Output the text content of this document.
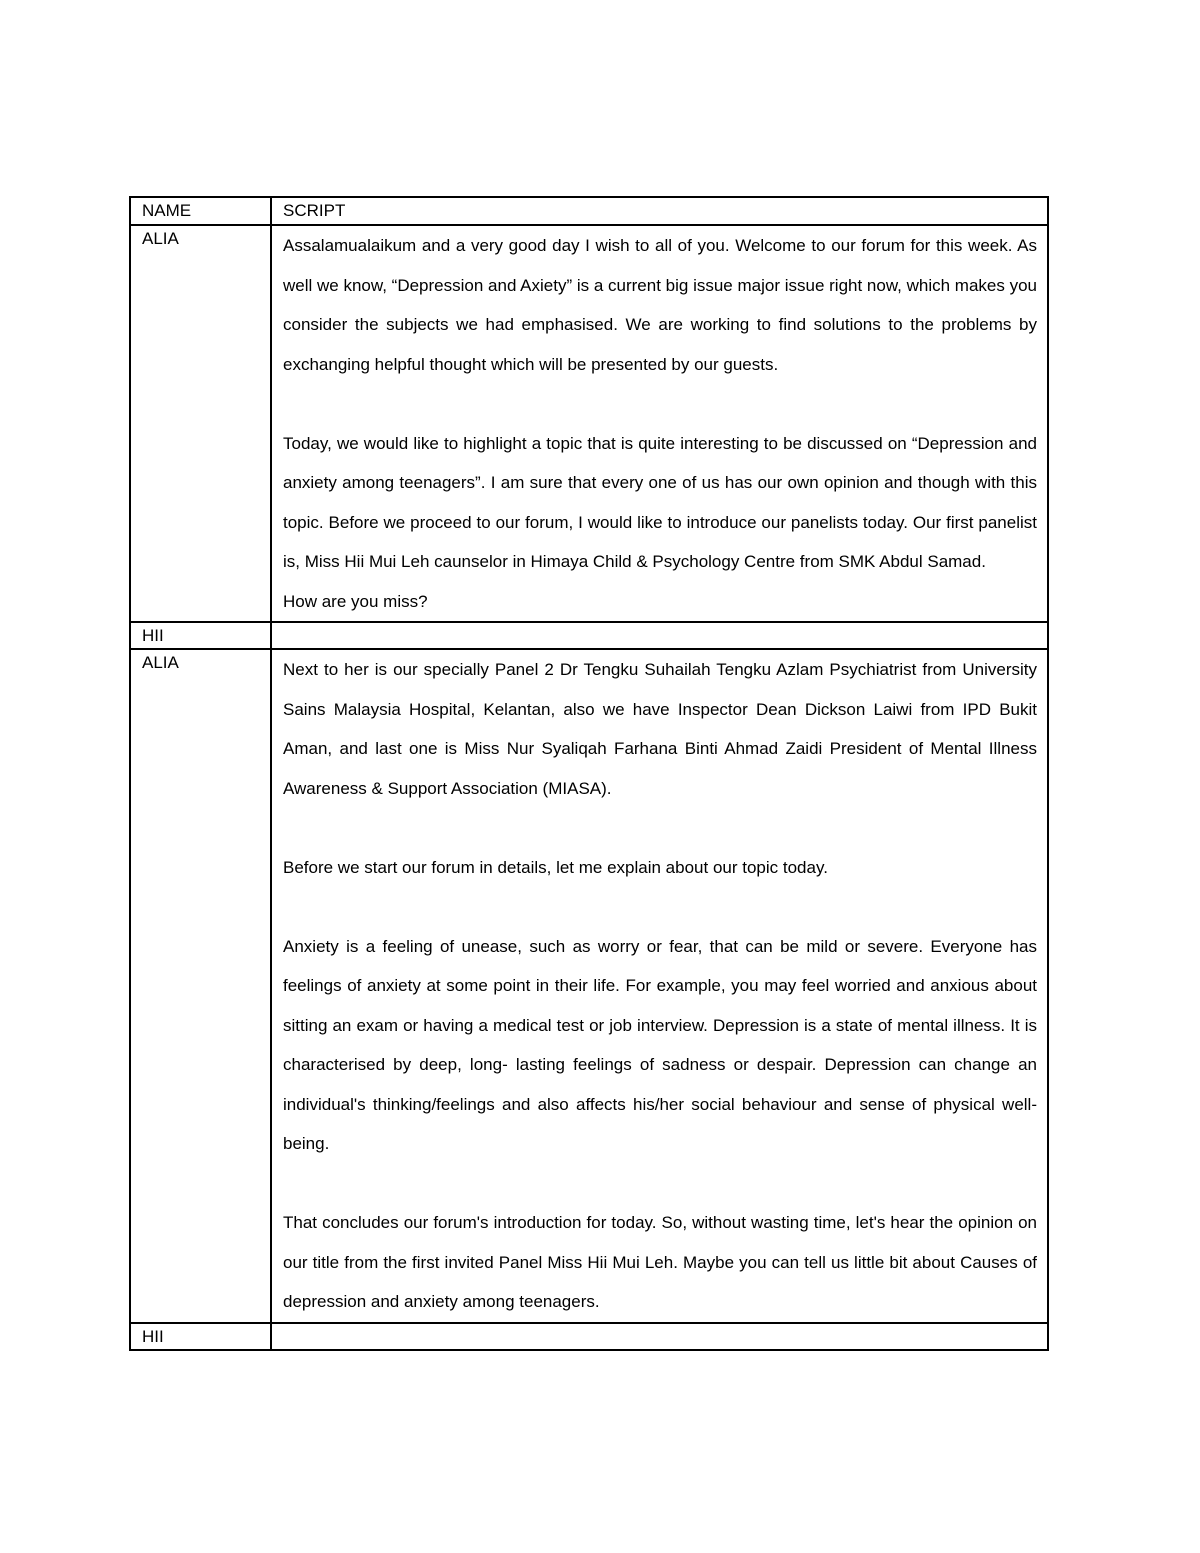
NAME	SCRIPT
ALIA	Assalamualaikum and a very good day I wish to all of you. Welcome to our forum for this week. As well we know, “Depression and Axiety” is a current big issue major issue right now, which makes you consider the subjects we had emphasised. We are working to find solutions to the problems by exchanging helpful thought which will be presented by our guests.

Today, we would like to highlight a topic that is quite interesting to be discussed on “Depression and anxiety among teenagers”. I am sure that every one of us has our own opinion and though with this topic. Before we proceed to our forum, I would like to introduce our panelists today. Our first panelist is, Miss Hii Mui Leh caunselor in Himaya Child & Psychology Centre from SMK Abdul Samad.

How are you miss?

HII	
ALIA	Next to her is our specially Panel 2 Dr Tengku Suhailah Tengku Azlam Psychiatrist from University Sains Malaysia Hospital, Kelantan, also we have Inspector Dean Dickson Laiwi from IPD Bukit Aman, and last one is Miss Nur Syaliqah Farhana Binti Ahmad Zaidi President of Mental Illness Awareness & Support Association (MIASA).

Before we start our forum in details, let me explain about our topic today.

Anxiety is a feeling of unease, such as worry or fear, that can be mild or severe. Everyone has feelings of anxiety at some point in their life. For example, you may feel worried and anxious about sitting an exam or having a medical test or job interview. Depression is a state of mental illness. It is characterised by deep, long- lasting feelings of sadness or despair. Depression can change an individual's thinking/feelings and also affects his/her social behaviour and sense of physical well-being.

That concludes our forum's introduction for today. So, without wasting time, let's hear the opinion on our title from the first invited Panel Miss Hii Mui Leh. Maybe you can tell us little bit about Causes of depression and anxiety among teenagers.

HII	
